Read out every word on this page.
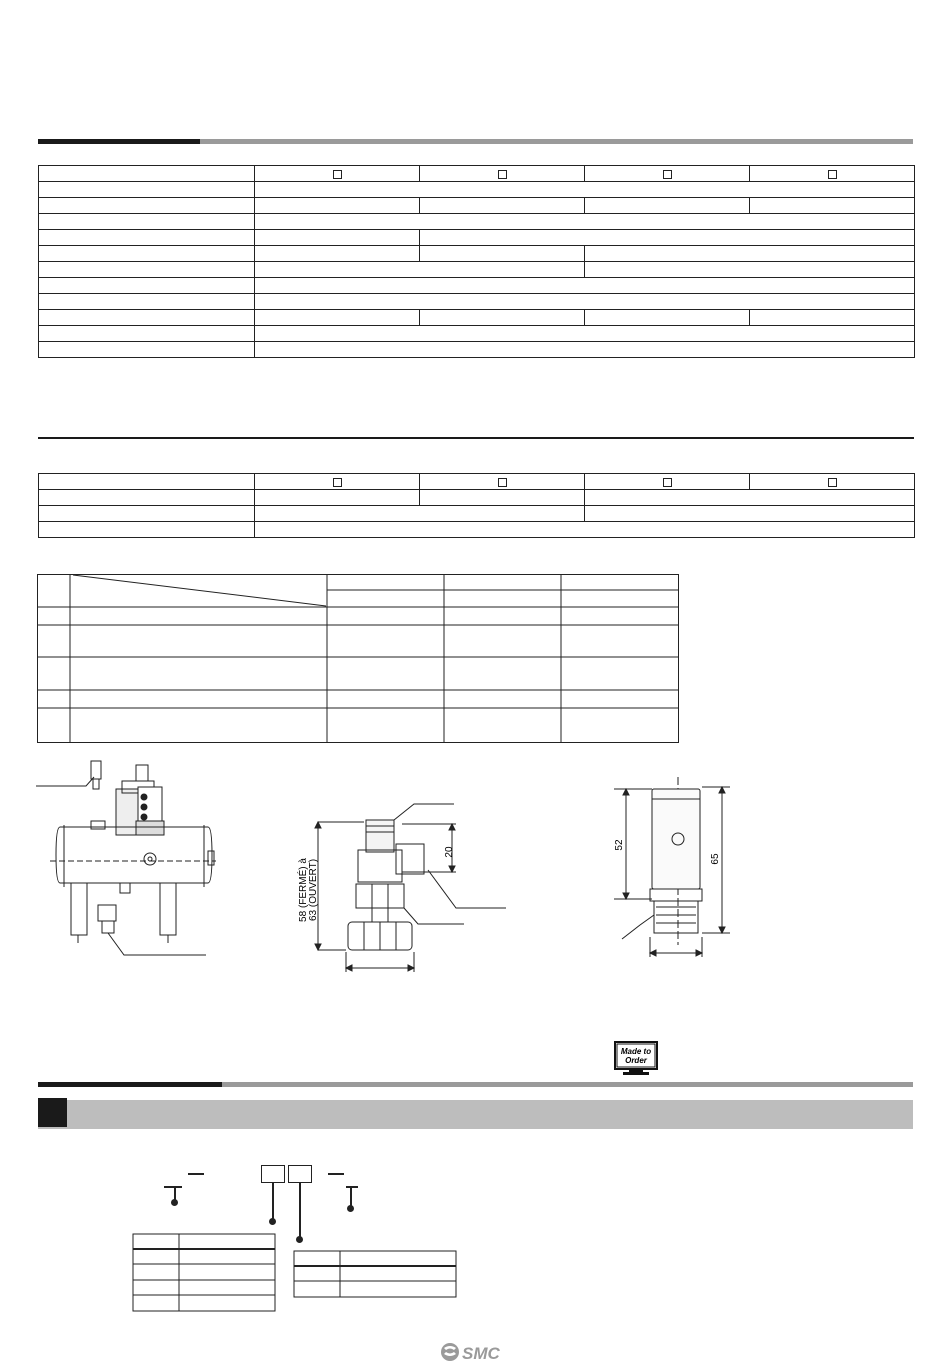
20
58 (FERMÉ) à 63 (OUVERT)
52
65
Made to
Order
SMC
